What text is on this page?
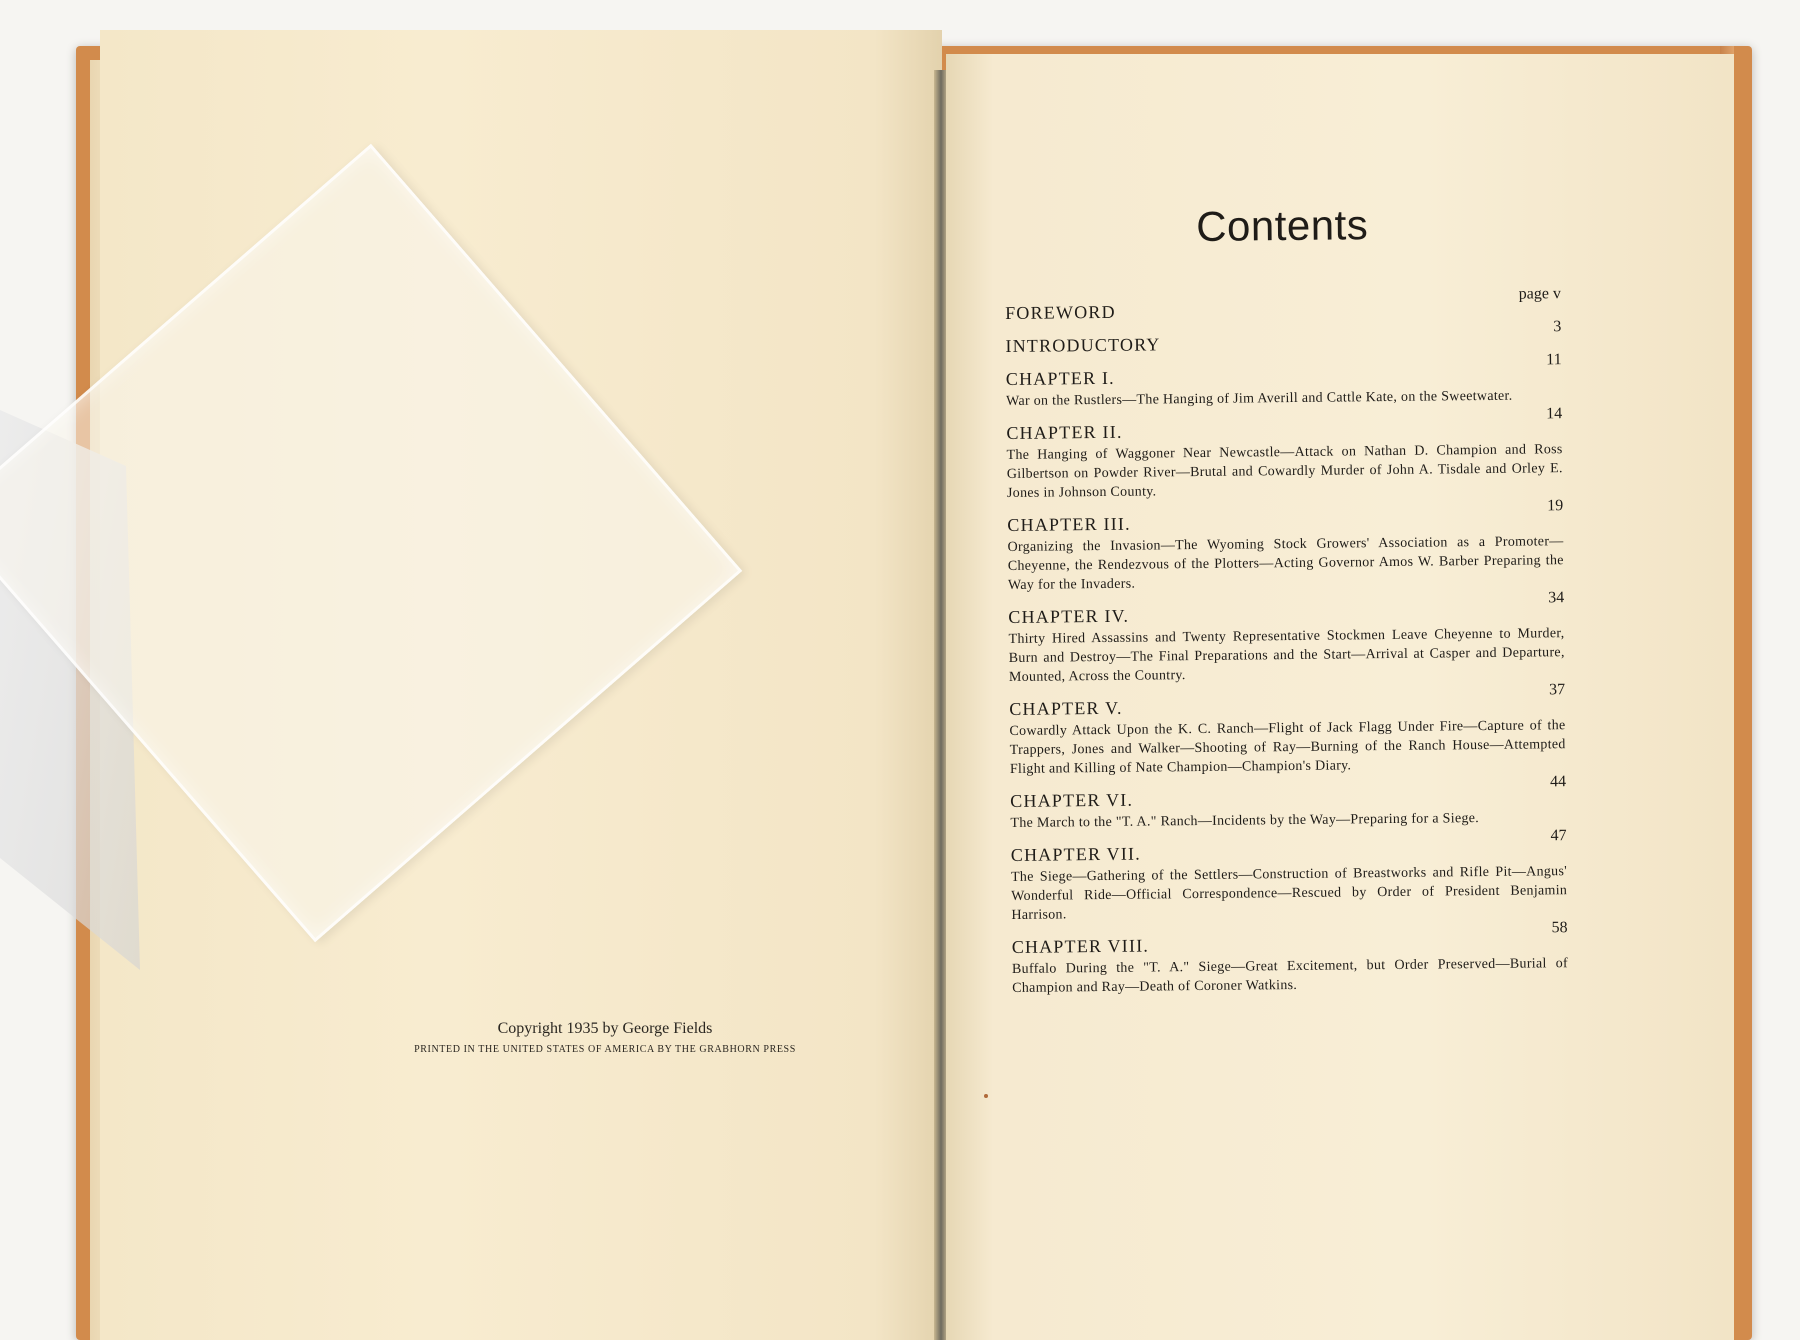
Copyright 1935 by George Fields
PRINTED IN THE UNITED STATES OF AMERICA BY THE GRABHORN PRESS
Contents
page v
FOREWORD
3
INTRODUCTORY
11
CHAPTER I.
War on the Rustlers—The Hanging of Jim Averill and Cattle Kate, on the Sweetwater.
14
CHAPTER II.
The Hanging of Waggoner Near Newcastle—Attack on Nathan D. Champion and Ross Gilbertson on Powder River—Brutal and Cowardly Murder of John A. Tisdale and Orley E. Jones in Johnson County.
19
CHAPTER III.
Organizing the Invasion—The Wyoming Stock Growers' Association as a Promoter—Cheyenne, the Rendezvous of the Plotters—Acting Governor Amos W. Barber Preparing the Way for the Invaders.
34
CHAPTER IV.
Thirty Hired Assassins and Twenty Representative Stockmen Leave Cheyenne to Murder, Burn and Destroy—The Final Preparations and the Start—Arrival at Casper and Departure, Mounted, Across the Country.
37
CHAPTER V.
Cowardly Attack Upon the K. C. Ranch—Flight of Jack Flagg Under Fire—Capture of the Trappers, Jones and Walker—Shooting of Ray—Burning of the Ranch House—Attempted Flight and Killing of Nate Champion—Champion's Diary.
44
CHAPTER VI.
The March to the "T. A." Ranch—Incidents by the Way—Preparing for a Siege.
47
CHAPTER VII.
The Siege—Gathering of the Settlers—Construction of Breastworks and Rifle Pit—Angus' Wonderful Ride—Official Correspondence—Rescued by Order of President Benjamin Harrison.
58
CHAPTER VIII.
Buffalo During the "T. A." Siege—Great Excitement, but Order Preserved—Burial of Champion and Ray—Death of Coroner Watkins.
